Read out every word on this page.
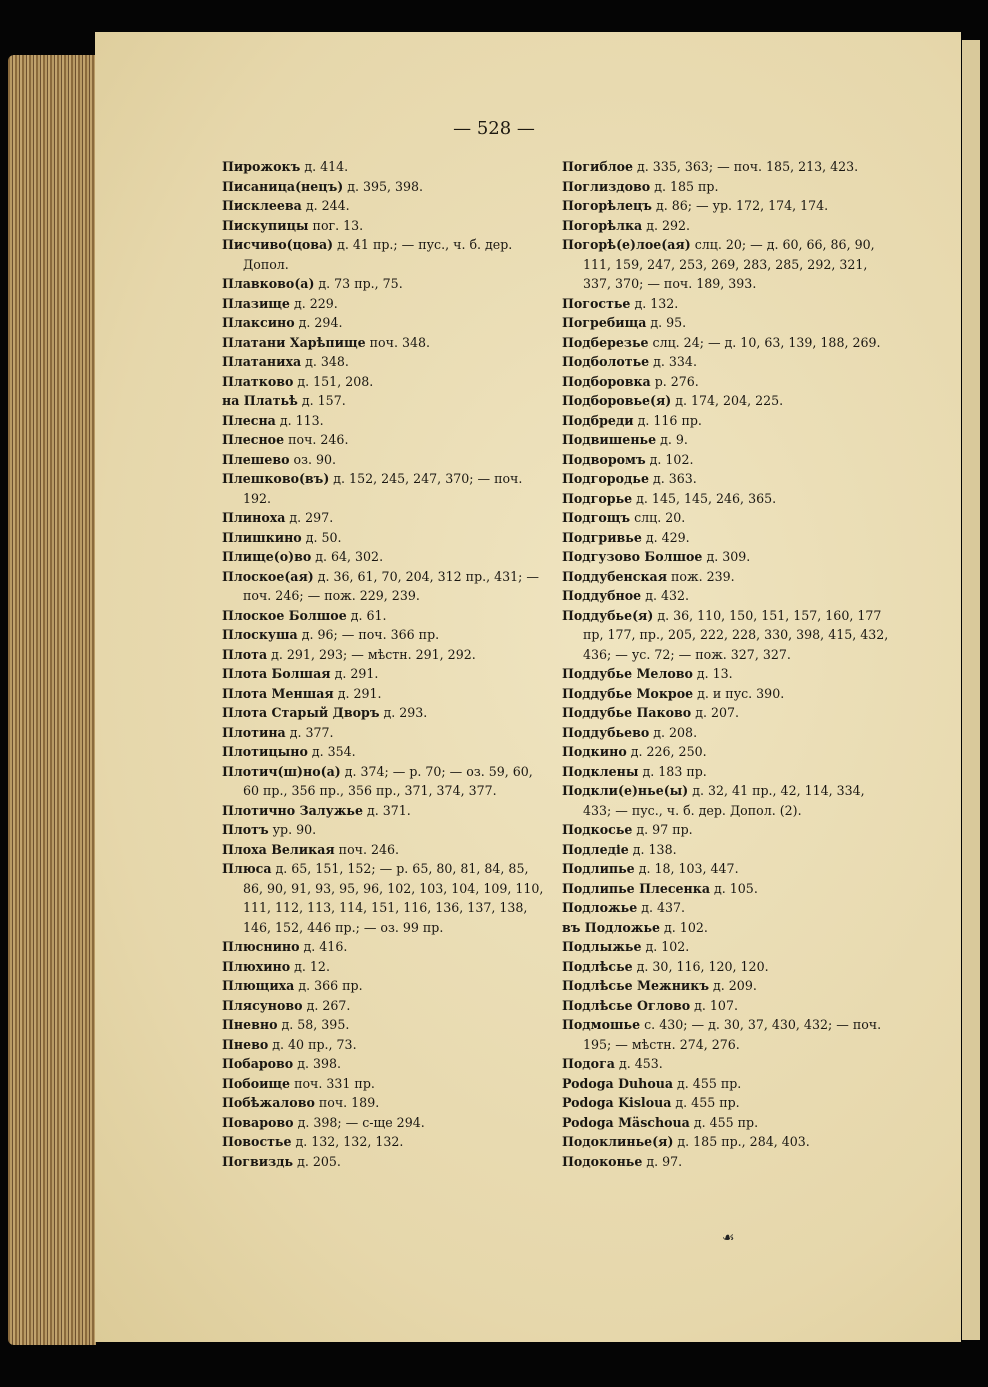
— 528 —

Пирожокъ д. 414.

Писаница(нецъ) д. 395, 398.

Писклеева д. 244.

Пискупицы пог. 13.

Писчиво(цова) д. 41 пр.; — пус., ч. б. дер. Допол.

Плавково(а) д. 73 пр., 75.

Плазище д. 229.

Плаксино д. 294.

Платани Харѣпище поч. 348.

Платаниха д. 348.

Платково д. 151, 208.

на Платьѣ д. 157.

Плесна д. 113.

Плесное поч. 246.

Плешево оз. 90.

Плешково(въ) д. 152, 245, 247, 370; — поч. 192.

Плиноха д. 297.

Плишкино д. 50.

Плище(о)во д. 64, 302.

Плоское(ая) д. 36, 61, 70, 204, 312 пр., 431; — поч. 246; — пож. 229, 239.

Плоское Болшое д. 61.

Плоскуша д. 96; — поч. 366 пр.

Плота д. 291, 293; — мѣстн. 291, 292.

Плота Болшая д. 291.

Плота Меншая д. 291.

Плота Старый Дворъ д. 293.

Плотина д. 377.

Плотицыно д. 354.

Плотич(ш)но(а) д. 374; — р. 70; — оз. 59, 60, 60 пр., 356 пр., 356 пр., 371, 374, 377.

Плотично Залужье д. 371.

Плотъ ур. 90.

Плоха Великая поч. 246.

Плюса д. 65, 151, 152; — р. 65, 80, 81, 84, 85, 86, 90, 91, 93, 95, 96, 102, 103, 104, 109, 110, 111, 112, 113, 114, 151, 116, 136, 137, 138, 146, 152, 446 пр.; — оз. 99 пр.

Плюснино д. 416.

Плюхино д. 12.

Плющиха д. 366 пр.

Плясуново д. 267.

Пневно д. 58, 395.

Пнево д. 40 пр., 73.

Побарово д. 398.

Побоище поч. 331 пр.

Побѣжалово поч. 189.

Поварово д. 398; — с-ще 294.

Повостье д. 132, 132, 132.

Погвиздь д. 205.

Погиблое д. 335, 363; — поч. 185, 213, 423.

Поглиздово д. 185 пр.

Погорѣлецъ д. 86; — ур. 172, 174, 174.

Погорѣлка д. 292.

Погорѣ(е)лое(ая) слц. 20; — д. 60, 66, 86, 90, 111, 159, 247, 253, 269, 283, 285, 292, 321, 337, 370; — поч. 189, 393.

Погостье д. 132.

Погребища д. 95.

Подберезье слц. 24; — д. 10, 63, 139, 188, 269.

Подболотье д. 334.

Подборовка р. 276.

Подборовье(я) д. 174, 204, 225.

Подбреди д. 116 пр.

Подвишенье д. 9.

Подворомъ д. 102.

Подгородье д. 363.

Подгорье д. 145, 145, 246, 365.

Подгощъ слц. 20.

Подгривье д. 429.

Подгузово Болшое д. 309.

Поддубенская пож. 239.

Поддубное д. 432.

Поддубье(я) д. 36, 110, 150, 151, 157, 160, 177 пр, 177, пр., 205, 222, 228, 330, 398, 415, 432, 436; — ус. 72; — пож. 327, 327.

Поддубье Мелово д. 13.

Поддубье Мокрое д. и пус. 390.

Поддубье Паково д. 207.

Поддубьево д. 208.

Подкино д. 226, 250.

Подклены д. 183 пр.

Подкли(е)нье(ы) д. 32, 41 пр., 42, 114, 334, 433; — пус., ч. б. дер. Допол. (2).

Подкосье д. 97 пр.

Подледіе д. 138.

Подлипье д. 18, 103, 447.

Подлипье Плесенка д. 105.

Подложье д. 437.

въ Подложье д. 102.

Подлыжье д. 102.

Подлѣсье д. 30, 116, 120, 120.

Подлѣсье Межникъ д. 209.

Подлѣсье Оглово д. 107.

Подмошье с. 430; — д. 30, 37, 430, 432; — поч. 195; — мѣстн. 274, 276.

Подога д. 453.

Podoga Duhoua д. 455 пр.

Podoga Kisloua д. 455 пр.

Podoga Mäschoua д. 455 пр.

Подоклинье(я) д. 185 пр., 284, 403.

Подоконье д. 97.

☙
